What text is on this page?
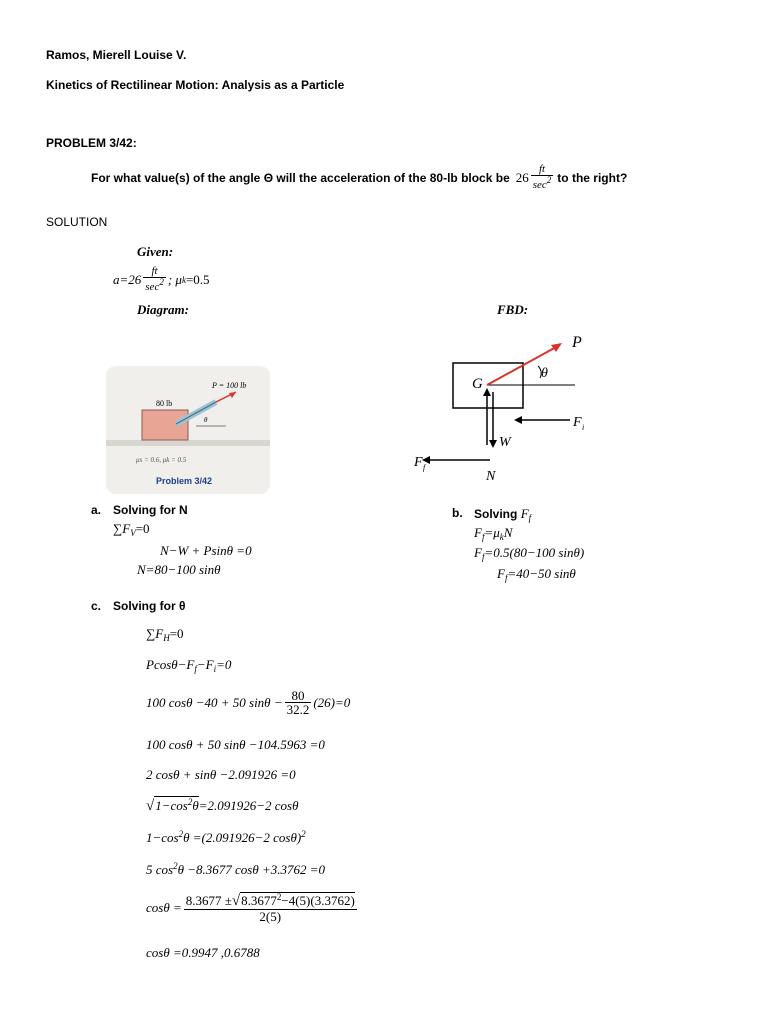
Ramos, Mierell Louise V.
Kinetics of Rectilinear Motion: Analysis as a Particle
PROBLEM 3/42:
For what value(s) of the angle Θ will the acceleration of the 80-lb block be $26 \frac{ft}{\sec^2}$ to the right?
SOLUTION
Given:
$a=26 \frac{ft}{\sec^2}$ ; μ k =0.5
Diagram:	FBD:
P = 100 lb
80 lb
θ
μs = 0.6, μk = 0.5
Problem 3/42
P
θ
G
W
N
F i
F f
a. Solving for N
$\sum F_V=0$
N−W + Psinθ =0
N=80−100 sinθ
b. Solving $F_f$
$F_f=\mu_kN$
$F_f=0.5(80-100$ sinθ)
$F_f=40-50$ sinθ
c. Solving for θ
$\sum F_H=0$
$Pcos\theta-F_f-F_i=0$
100 cosθ −40 + 50 $\sin\theta - \frac{80}{32.2} (26)=0$
100 cosθ + 50 sinθ −104.5963 =0
2 cosθ + sinθ −2.091926 =0
$√1-\cos^2\theta=2.091926-2$ cosθ
$1-\cos^2\theta =(2.091926-2$ cosθ)$^2$
5 $\cos^2\theta -8.3677$ cosθ +3.3762 =0
$\cos\theta = \frac{8.3677 \pm√8.3677^2-4(5)(3.3762)}{2(5)}$
cosθ =0.9947 ,0.6788
